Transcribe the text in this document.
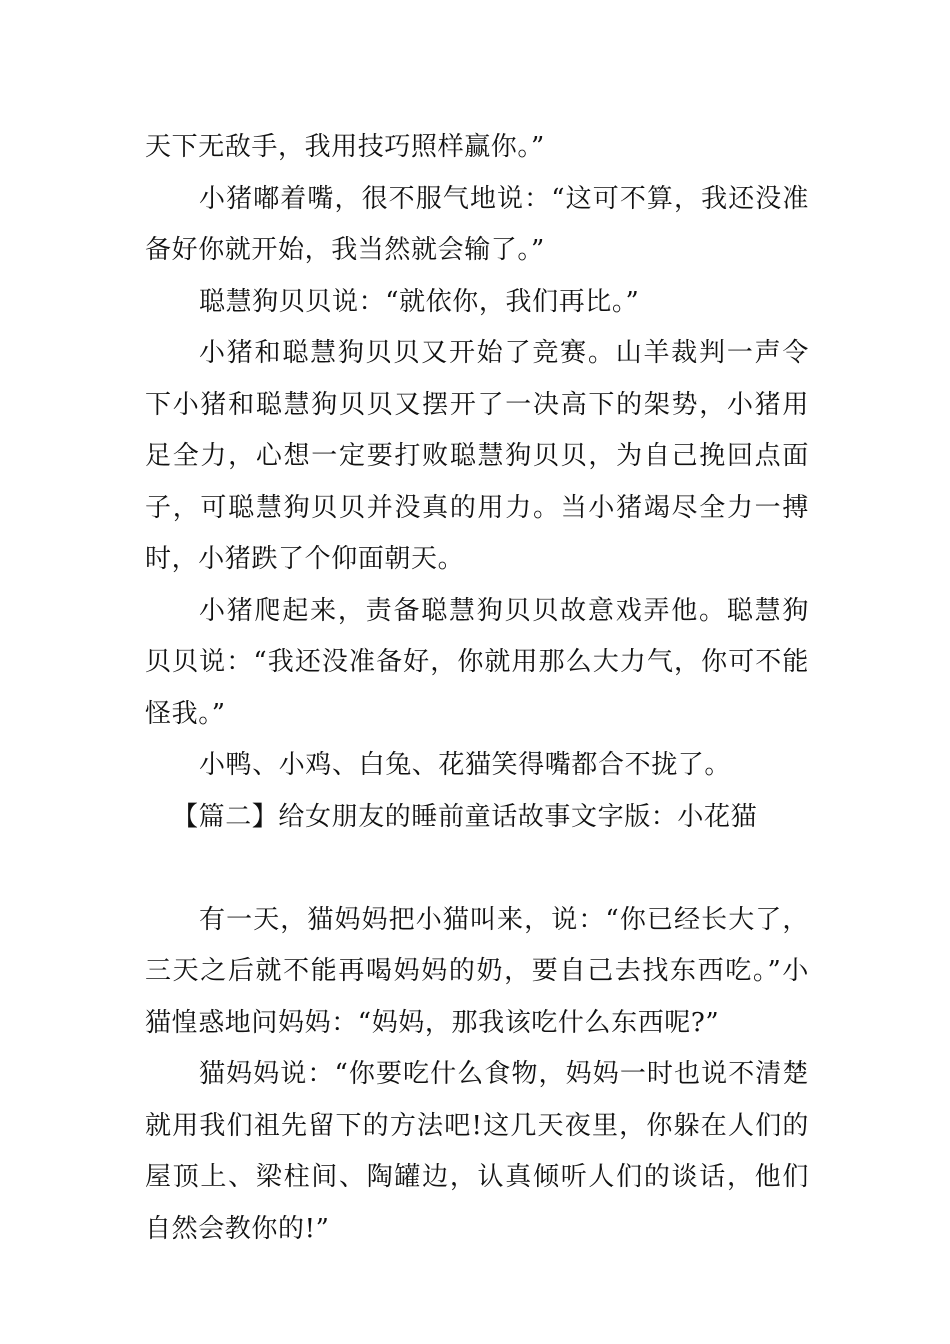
天下无敌手，我用技巧照样赢你。”

小猪嘟着嘴，很不服气地说：“这可不算，我还没准备好你就开始，我当然就会输了。”

聪慧狗贝贝说：“就依你，我们再比。”

小猪和聪慧狗贝贝又开始了竞赛。山羊裁判一声令下小猪和聪慧狗贝贝又摆开了一决高下的架势，小猪用足全力，心想一定要打败聪慧狗贝贝，为自己挽回点面子，可聪慧狗贝贝并没真的用力。当小猪竭尽全力一搏时，小猪跌了个仰面朝天。

小猪爬起来，责备聪慧狗贝贝故意戏弄他。聪慧狗贝贝说：“我还没准备好，你就用那么大力气，你可不能怪我。”

小鸭、小鸡、白兔、花猫笑得嘴都合不拢了。

【篇二】给女朋友的睡前童话故事文字版：小花猫

有一天，猫妈妈把小猫叫来，说：“你已经长大了，三天之后就不能再喝妈妈的奶，要自己去找东西吃。”小猫惶惑地问妈妈：“妈妈，那我该吃什么东西呢?”

猫妈妈说：“你要吃什么食物，妈妈一时也说不清楚就用我们祖先留下的方法吧!这几天夜里，你躲在人们的屋顶上、梁柱间、陶罐边，认真倾听人们的谈话，他们自然会教你的!”
